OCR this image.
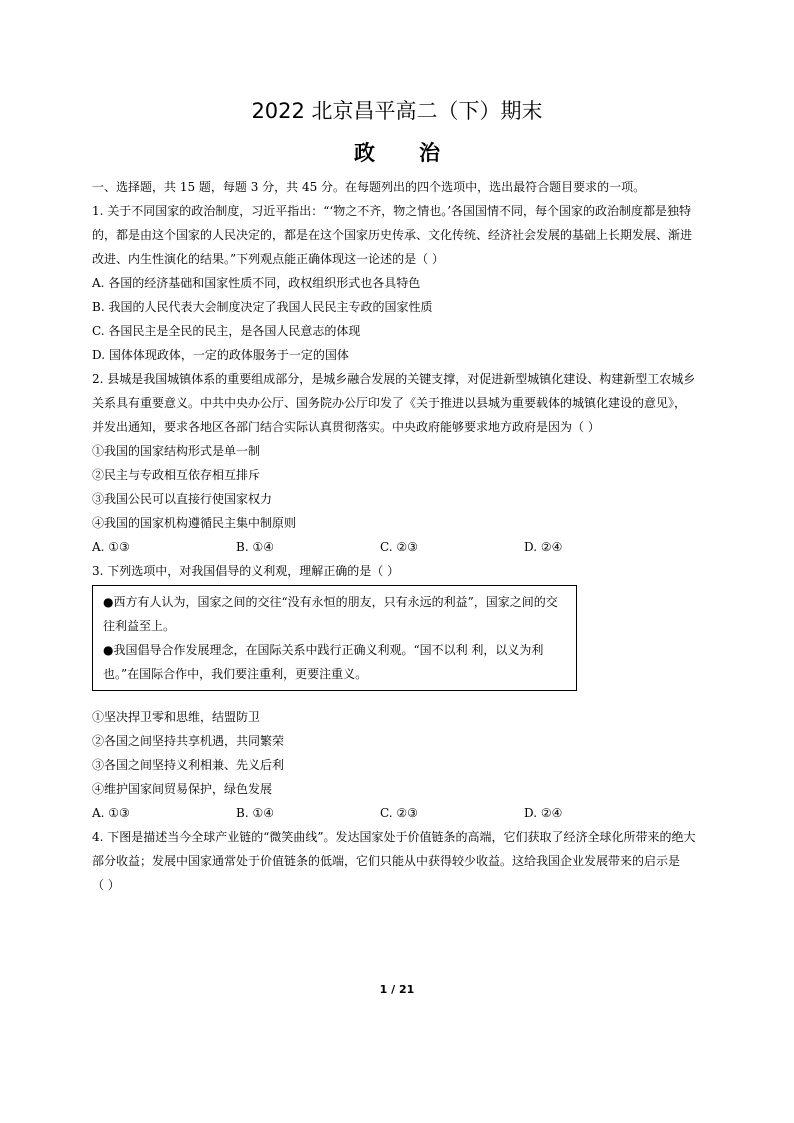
2022 北京昌平高二（下）期末
政 治
一、选择题，共 15 题，每题 3 分，共 45 分。在每题列出的四个选项中，选出最符合题目要求的一项。
1. 关于不同国家的政治制度，习近平指出：“‘物之不齐，物之情也。’各国国情不同，每个国家的政治制度都是独特
的，都是由这个国家的人民决定的，都是在这个国家历史传承、文化传统、经济社会发展的基础上长期发展、渐进
改进、内生性演化的结果。”下列观点能正确体现这一论述的是（ ）
A. 各国的经济基础和国家性质不同，政权组织形式也各具特色
B. 我国的人民代表大会制度决定了我国人民民主专政的国家性质
C. 各国民主是全民的民主，是各国人民意志的体现
D. 国体体现政体，一定的政体服务于一定的国体
2. 县城是我国城镇体系的重要组成部分，是城乡融合发展的关键支撑，对促进新型城镇化建设、构建新型工农城乡
关系具有重要意义。中共中央办公厅、国务院办公厅印发了《关于推进以县城为重要载体的城镇化建设的意见》，
并发出通知，要求各地区各部门结合实际认真贯彻落实。中央政府能够要求地方政府是因为（ ）
①我国的国家结构形式是单一制
②民主与专政相互依存相互排斥
③我国公民可以直接行使国家权力
④我国的国家机构遵循民主集中制原则
A. ①③	B. ①④	C. ②③	D. ②④
3. 下列选项中，对我国倡导的义利观，理解正确的是（ ）

●西方有人认为，国家之间的交往“没有永恒的朋友，只有永远的利益”，国家之间的交

往利益至上。

●我国倡导合作发展理念，在国际关系中践行正确义利观。“国不以利 利，以义为利

也。”在国际合作中，我们要注重利，更要注重义。

①坚决捍卫零和思维，结盟防卫
②各国之间坚持共享机遇，共同繁荣
③各国之间坚持义利相兼、先义后利
④维护国家间贸易保护，绿色发展
A. ①③	B. ①④	C. ②③	D. ②④
4. 下图是描述当今全球产业链的“微笑曲线”。发达国家处于价值链条的高端，它们获取了经济全球化所带来的绝大
部分收益；发展中国家通常处于价值链条的低端，它们只能从中获得较少收益。这给我国企业发展带来的启示是
（ ）
1 / 21
